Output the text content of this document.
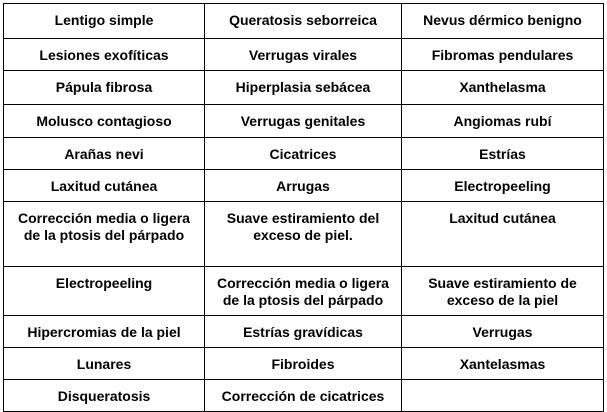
Lentigo simple	Queratosis seborreica	Nevus dérmico benigno
Lesiones exofíticas	Verrugas virales	Fibromas pendulares
Pápula fibrosa	Hiperplasia sebácea	Xanthelasma
Molusco contagioso	Verrugas genitales	Angiomas rubí
Arañas nevi	Cicatrices	Estrías
Laxitud cutánea	Arrugas	Electropeeling
Corrección media o ligera de la ptosis del párpado	Suave estiramiento del exceso de piel.	Laxitud cutánea
Electropeeling	Corrección media o ligera de la ptosis del párpado	Suave estiramiento de exceso de la piel
Hipercromias de la piel	Estrías gravídicas	Verrugas
Lunares	Fibroides	Xantelasmas
Disqueratosis	Corrección de cicatrices	
